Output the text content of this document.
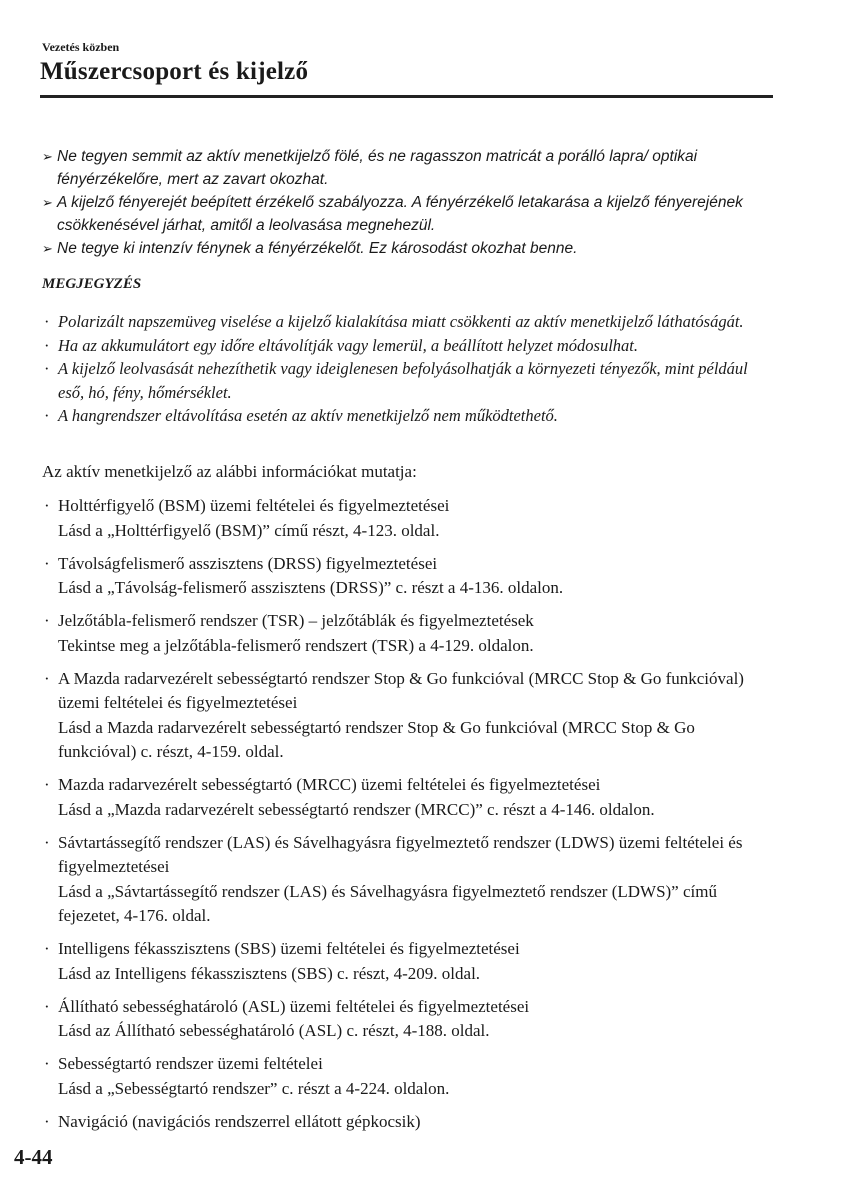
Vezetés közben
Műszercsoport és kijelző
➢ Ne tegyen semmit az aktív menetkijelző fölé, és ne ragasszon matricát a porálló lapra/ optikai fényérzékelőre, mert az zavart okozhat.
➢ A kijelző fényerejét beépített érzékelő szabályozza. A fényérzékelő letakarása a kijelző fényerejének csökkenésével járhat, amitől a leolvasása megnehezül.
➢ Ne tegye ki intenzív fénynek a fényérzékelőt. Ez károsodást okozhat benne.
MEGJEGYZÉS
· Polarizált napszemüveg viselése a kijelző kialakítása miatt csökkenti az aktív menetkijelző láthatóságát.
· Ha az akkumulátort egy időre eltávolítják vagy lemerül, a beállított helyzet módosulhat.
· A kijelző leolvasását nehezíthetik vagy ideiglenesen befolyásolhatják a környezeti tényezők, mint például eső, hó, fény, hőmérséklet.
· A hangrendszer eltávolítása esetén az aktív menetkijelző nem működtethető.
Az aktív menetkijelző az alábbi információkat mutatja:
· Holttérfigyelő (BSM) üzemi feltételei és figyelmeztetései
Lásd a „Holttérfigyelő (BSM)” című részt, 4-123. oldal.
· Távolságfelismerő asszisztens (DRSS) figyelmeztetései
Lásd a „Távolság-felismerő asszisztens (DRSS)” c. részt a 4-136. oldalon.
· Jelzőtábla-felismerő rendszer (TSR) – jelzőtáblák és figyelmeztetések
Tekintse meg a jelzőtábla-felismerő rendszert (TSR) a 4-129. oldalon.
· A Mazda radarvezérelt sebességtartó rendszer Stop & Go funkcióval (MRCC Stop & Go funkcióval) üzemi feltételei és figyelmeztetései
Lásd a Mazda radarvezérelt sebességtartó rendszer Stop & Go funkcióval (MRCC Stop & Go funkcióval) c. részt, 4-159. oldal.
· Mazda radarvezérelt sebességtartó (MRCC) üzemi feltételei és figyelmeztetései
Lásd a „Mazda radarvezérelt sebességtartó rendszer (MRCC)” c. részt a 4-146. oldalon.
· Sávtartássegítő rendszer (LAS) és Sávelhagyásra figyelmeztető rendszer (LDWS) üzemi feltételei és figyelmeztetései
Lásd a „Sávtartássegítő rendszer (LAS) és Sávelhagyásra figyelmeztető rendszer (LDWS)” című fejezetet, 4-176. oldal.
· Intelligens fékasszisztens (SBS) üzemi feltételei és figyelmeztetései
Lásd az Intelligens fékasszisztens (SBS) c. részt, 4-209. oldal.
· Állítható sebességhatároló (ASL) üzemi feltételei és figyelmeztetései
Lásd az Állítható sebességhatároló (ASL) c. részt, 4-188. oldal.
· Sebességtartó rendszer üzemi feltételei
Lásd a „Sebességtartó rendszer” c. részt a 4-224. oldalon.
· Navigáció (navigációs rendszerrel ellátott gépkocsik)
4-44
